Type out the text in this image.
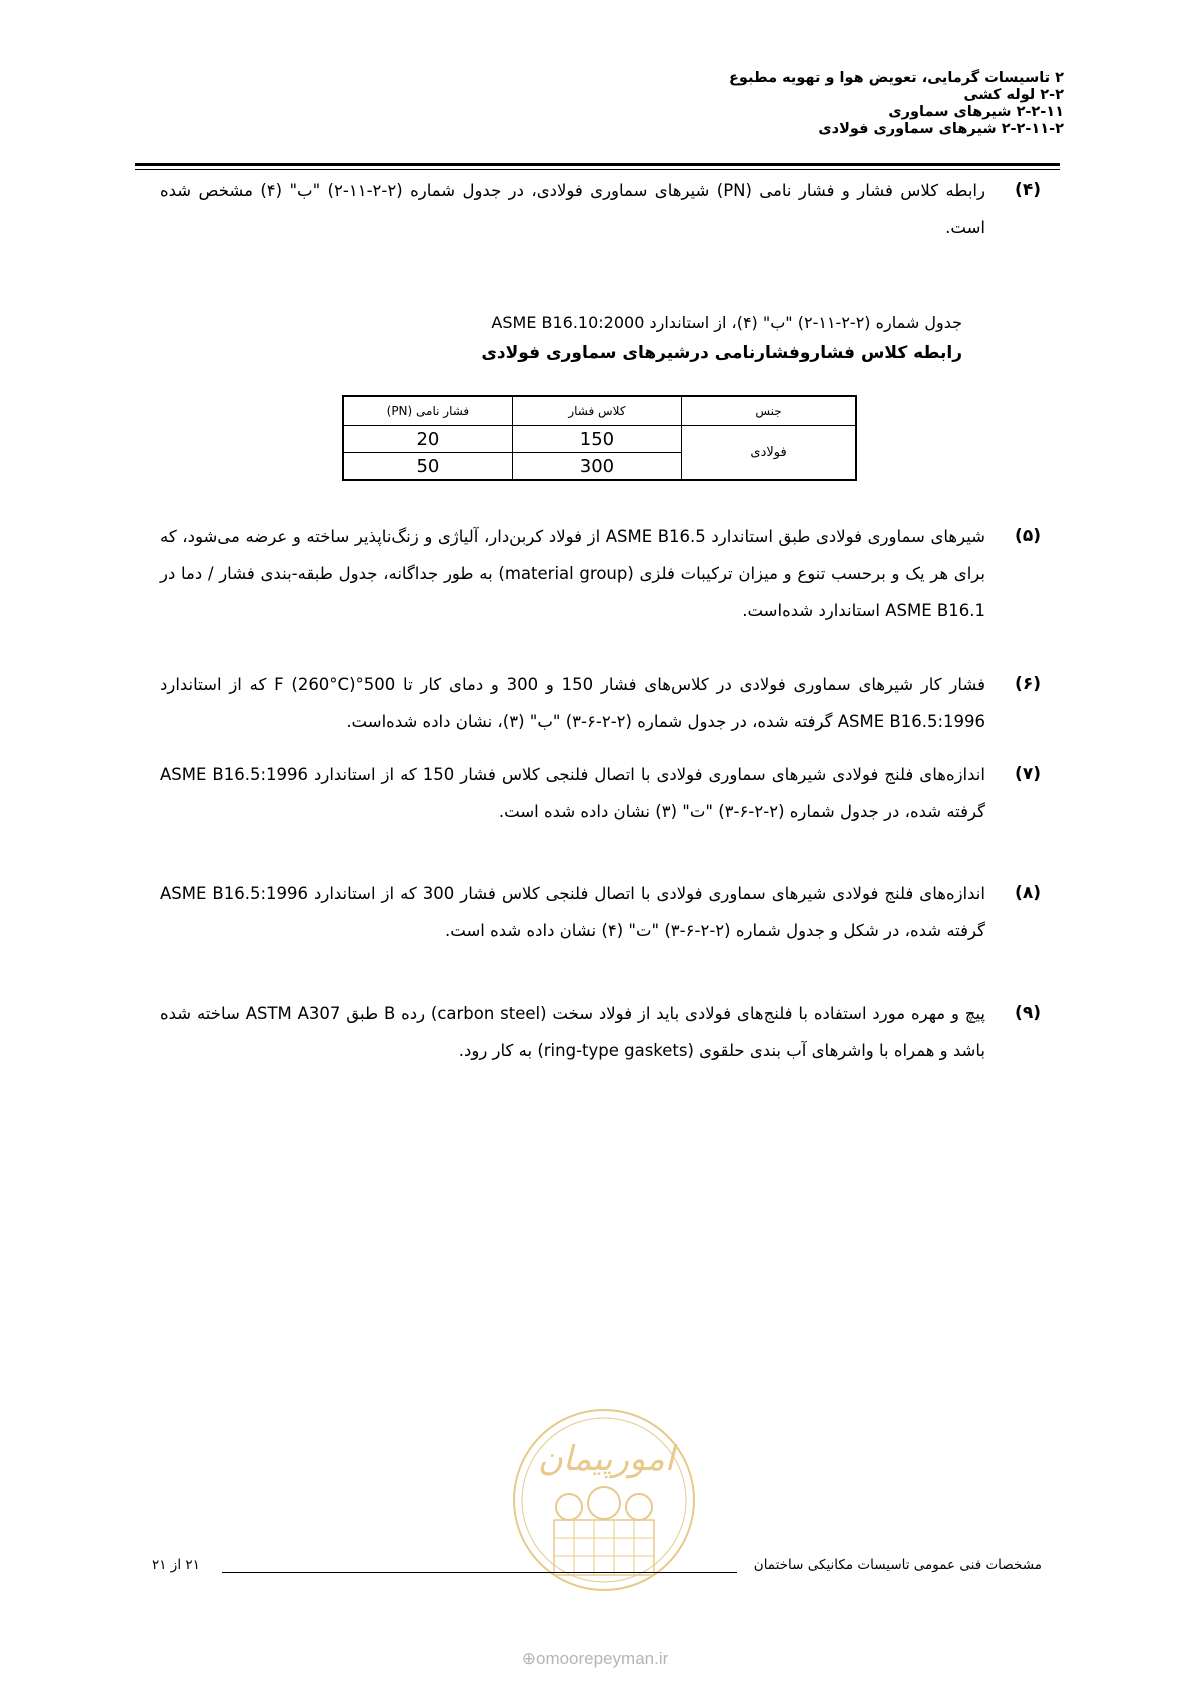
۲ تاسیسات گرمایی، تعویض هوا و تهویه مطبوع
۲-۲ لوله کشی
۲-۲-۱۱ شیرهای سماوری
۲-۲-۱۱-۲ شیرهای سماوری فولادی
(۴)

رابطه کلاس فشار و فشار نامی (PN) شیرهای سماوری فولادی، در جدول شماره (۲-۲-۱۱-۲) "ب" (۴) مشخص شده است.

جدول شماره (۲-۲-۱۱-۲) "ب" (۴)، از استاندارد ASME B16.10:2000
رابطه کلاس فشاروفشارنامی درشیرهای سماوری فولادی
جنس	کلاس فشار	فشار نامی (PN)
فولادی	150	20
	300	50
(۵)

شیرهای سماوری فولادی طبق استاندارد ASME B16.5 از فولاد کربن‌دار، آلیاژی و زنگ‌ناپذیر ساخته و عرضه می‌شود، که برای هر یک و برحسب تنوع و میزان ترکیبات فلزی (material group) به طور جداگانه، جدول طبقه-بندی فشار / دما در ASME B16.1 استاندارد شده‌است.

(۶)

فشار کار شیرهای سماوری فولادی در کلاس‌های فشار 150 و 300 و دمای کار تا 500°F (260°C) که از استاندارد ASME B16.5:1996 گرفته شده، در جدول شماره (۲-۲-۶-۳) "ب" (۳)، نشان داده شده‌است.

(۷)

اندازه‌های فلنج فولادی شیرهای سماوری فولادی با اتصال فلنجی کلاس فشار 150 که از استاندارد ASME B16.5:1996 گرفته شده، در جدول شماره (۲-۲-۶-۳) "ت" (۳) نشان داده شده است.

(۸)

اندازه‌های فلنج فولادی شیرهای سماوری فولادی با اتصال فلنجی کلاس فشار 300 که از استاندارد ASME B16.5:1996 گرفته شده، در شکل و جدول شماره (۲-۲-۶-۳) "ت" (۴) نشان داده شده است.

(۹)

پیچ و مهره مورد استفاده با فلنج‌های فولادی باید از فولاد سخت (carbon steel) رده B طبق ASTM A307 ساخته شده باشد و همراه با واشرهای آب بندی حلقوی (ring-type gaskets) به کار رود.

امورپیمان
مشخصات فنی عمومی تاسیسات مکانیکی ساختمان
۲۱ از ۲۱
⊕omoorepeyman.ir
